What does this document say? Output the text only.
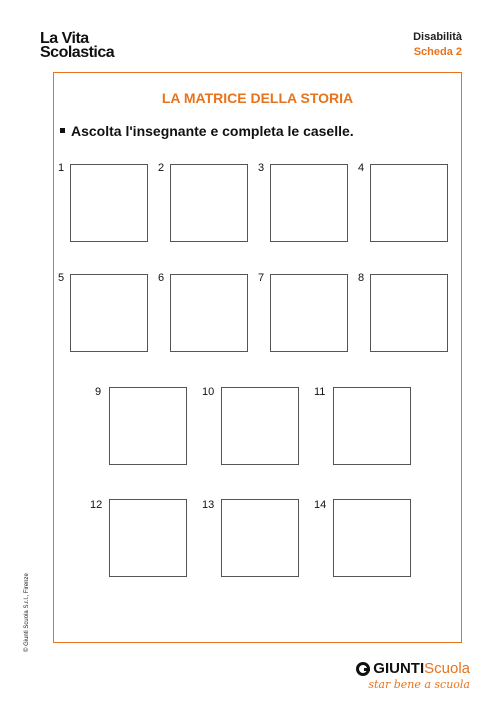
La Vita
Scolastica
Disabilità
Scheda 2
LA MATRICE DELLA STORIA
Ascolta l'insegnante e completa le caselle.
1	2	3	4
5	6	7	8
9	10	11
12	13	14
© Giunti Scuola S.r.l., Firenze
GIUNTI Scuola
star bene a scuola
